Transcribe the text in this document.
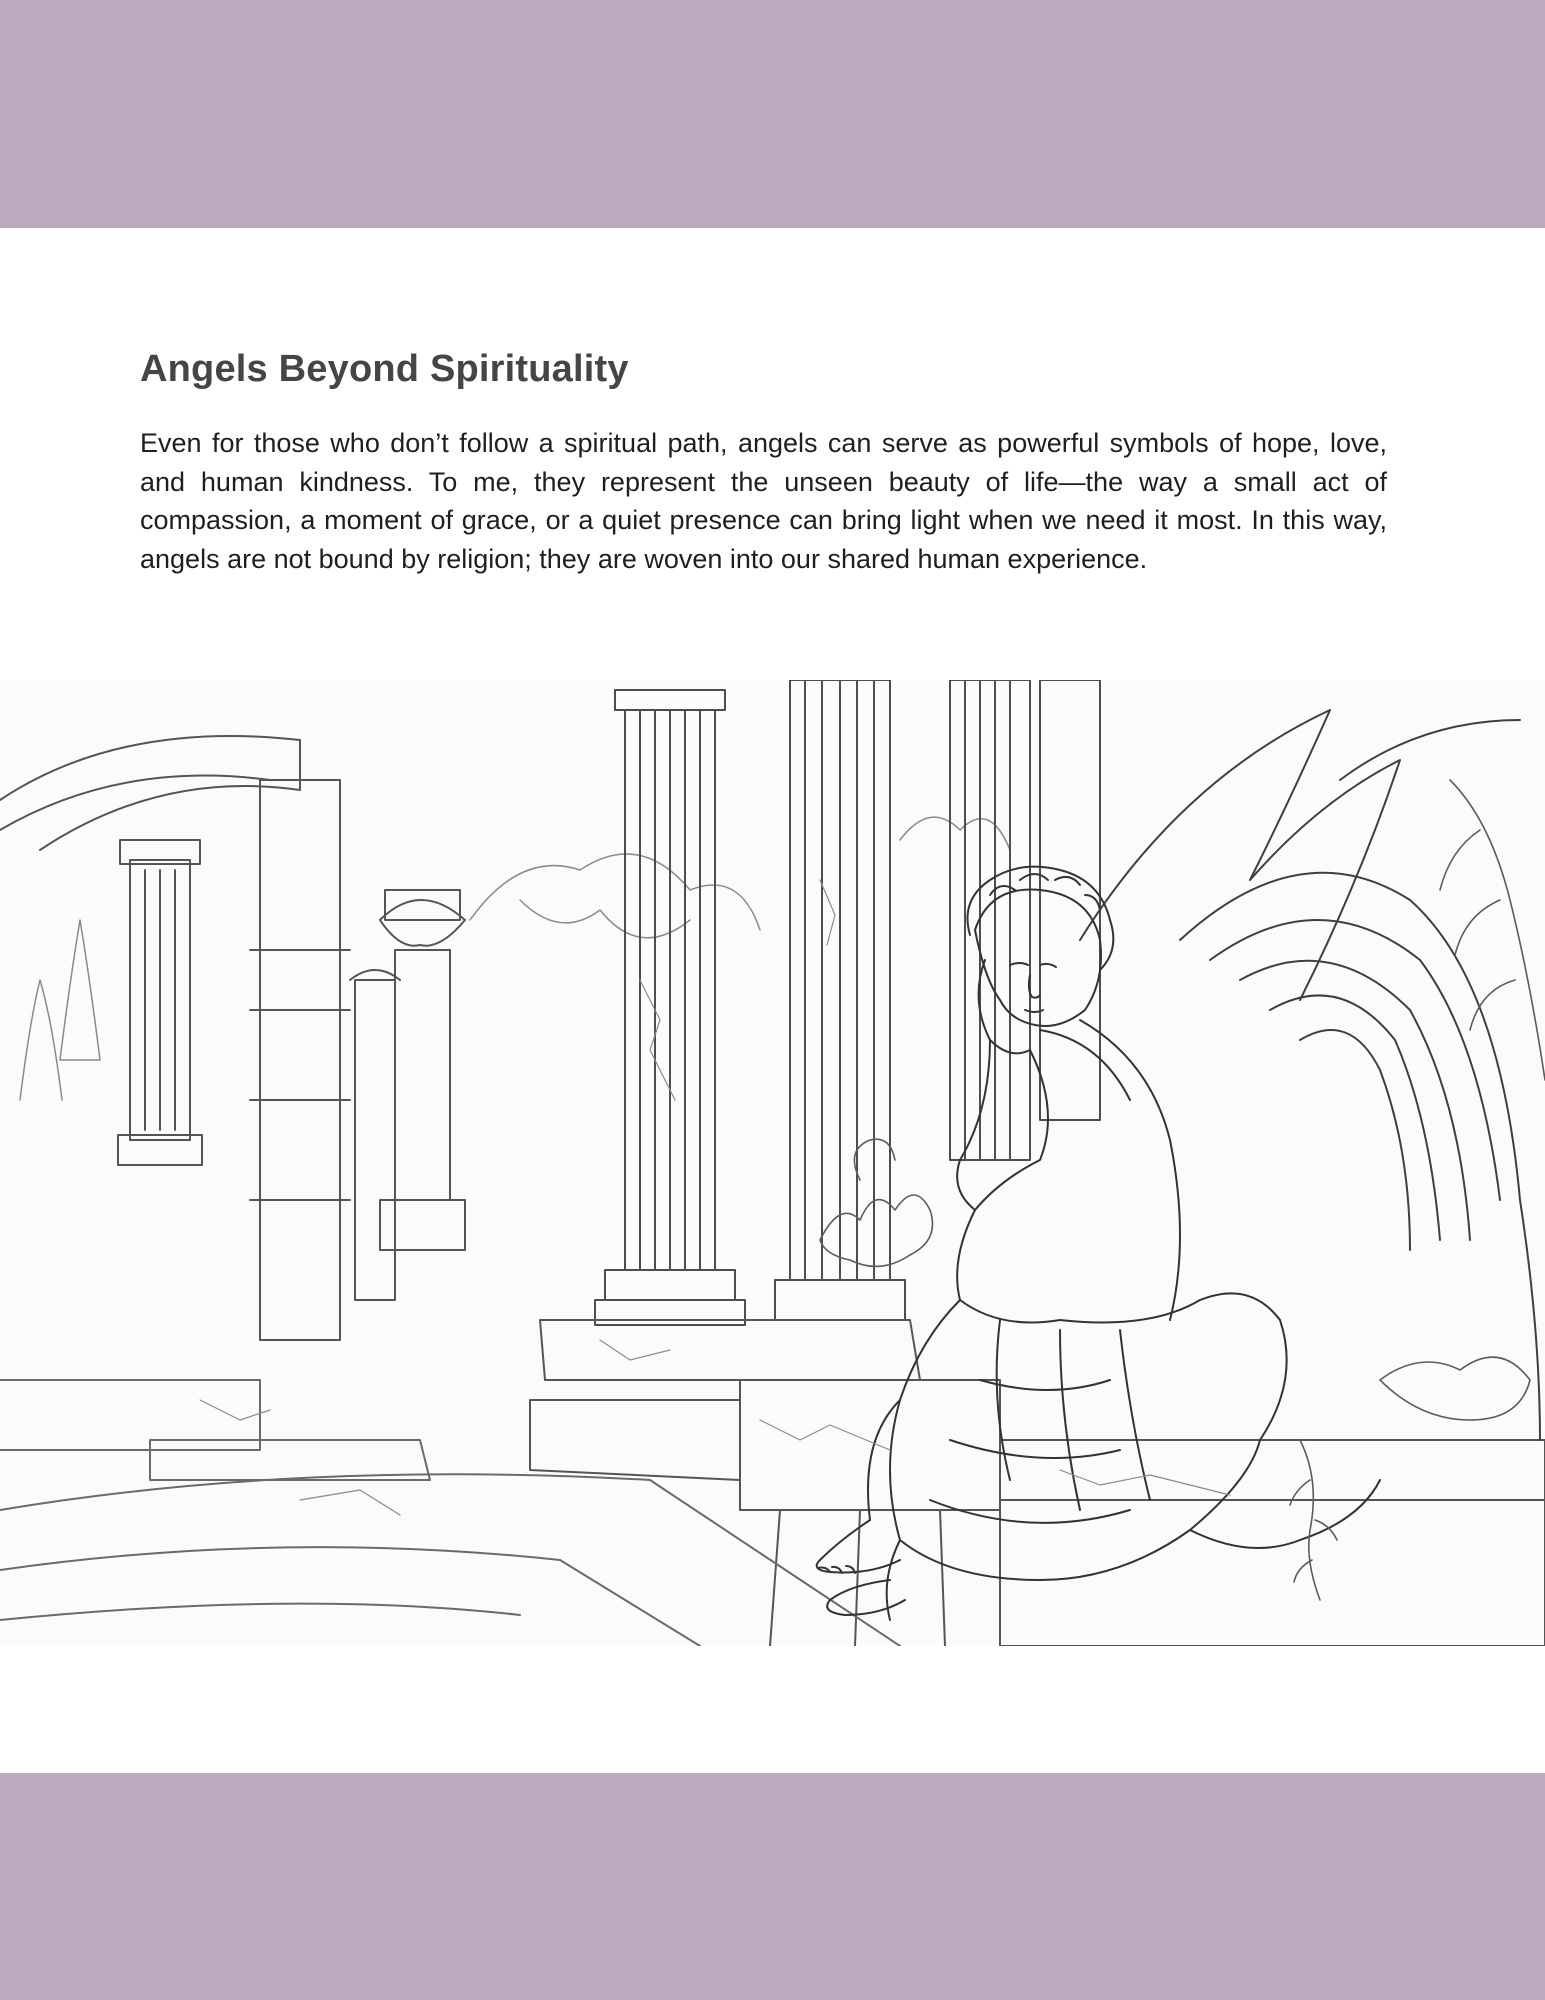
Angels Beyond Spirituality

Even for those who don’t follow a spiritual path, angels can serve as powerful symbols of hope, love, and human kindness. To me, they represent the unseen beauty of life—the way a small act of compassion, a moment of grace, or a quiet presence can bring light when we need it most. In this way, angels are not bound by religion; they are woven into our shared human experience.
